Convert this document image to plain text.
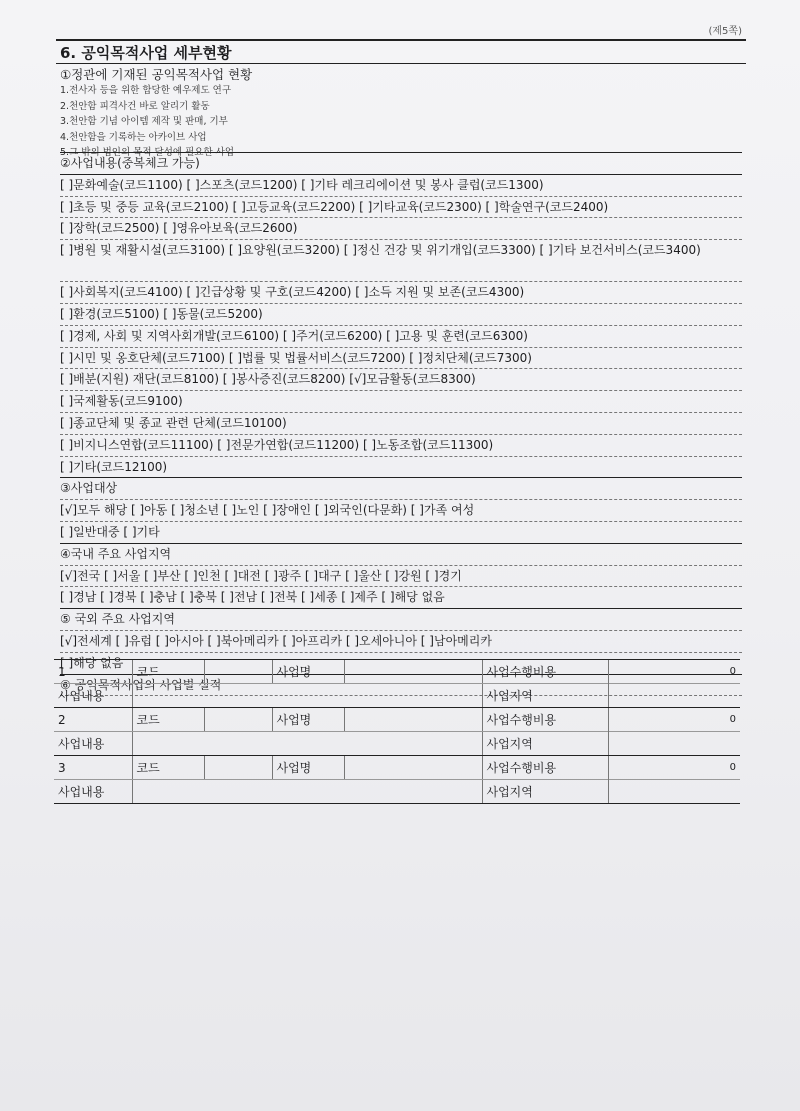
(제5쪽)
6. 공익목적사업 세부현황
①정관에 기재된 공익목적사업 현황
1.전사자 등을 위한 합당한 예우제도 연구
2.천안함 피격사건 바로 알리기 활동
3.천안함 기념 아이템 제작 및 판매, 기부
4.천안함을 기록하는 아카이브 사업
5.그 밖의 법인의 목적 달성에 필요한 사업
②사업내용(중복체크 가능)
[ ]문화예술(코드1100) [ ]스포츠(코드1200) [ ]기타 레크리에이션 및 봉사 클럽(코드1300)
[ ]초등 및 중등 교육(코드2100) [ ]고등교육(코드2200) [ ]기타교육(코드2300) [ ]학술연구(코드2400)
[ ]장학(코드2500) [ ]영유아보육(코드2600)
[ ]병원 및 재활시설(코드3100) [ ]요양원(코드3200) [ ]정신 건강 및 위기개입(코드3300) [ ]기타 보건서비스(코드3400)
[ ]사회복지(코드4100) [ ]긴급상황 및 구호(코드4200) [ ]소득 지원 및 보존(코드4300)
[ ]환경(코드5100) [ ]동물(코드5200)
[ ]경제, 사회 및 지역사회개발(코드6100) [ ]주거(코드6200) [ ]고용 및 훈련(코드6300)
[ ]시민 및 옹호단체(코드7100) [ ]법률 및 법률서비스(코드7200) [ ]정치단체(코드7300)
[ ]배분(지원) 재단(코드8100) [ ]봉사증진(코드8200) [√]모금활동(코드8300)
[ ]국제활동(코드9100)
[ ]종교단체 및 종교 관련 단체(코드10100)
[ ]비지니스연합(코드11100) [ ]전문가연합(코드11200) [ ]노동조합(코드11300)
[ ]기타(코드12100)
③사업대상
[√]모두 해당 [ ]아동 [ ]청소년 [ ]노인 [ ]장애인 [ ]외국인(다문화) [ ]가족 여성
[ ]일반대중 [ ]기타
④국내 주요 사업지역
[√]전국 [ ]서울 [ ]부산 [ ]인천 [ ]대전 [ ]광주 [ ]대구 [ ]울산 [ ]강원 [ ]경기
[ ]경남 [ ]경북 [ ]충남 [ ]충북 [ ]전남 [ ]전북 [ ]세종 [ ]제주 [ ]해당 없음
⑤ 국외 주요 사업지역
[√]전세계 [ ]유럽 [ ]아시아 [ ]북아메리카 [ ]아프리카 [ ]오세아니아 [ ]남아메리카
[ ]해당 없음
⑥ 공익목적사업의 사업별 실적
1	코드		사업명		사업수행비용	0
사업내용					사업지역	
2	코드		사업명		사업수행비용	0
사업내용					사업지역	
3	코드		사업명		사업수행비용	0
사업내용					사업지역	
